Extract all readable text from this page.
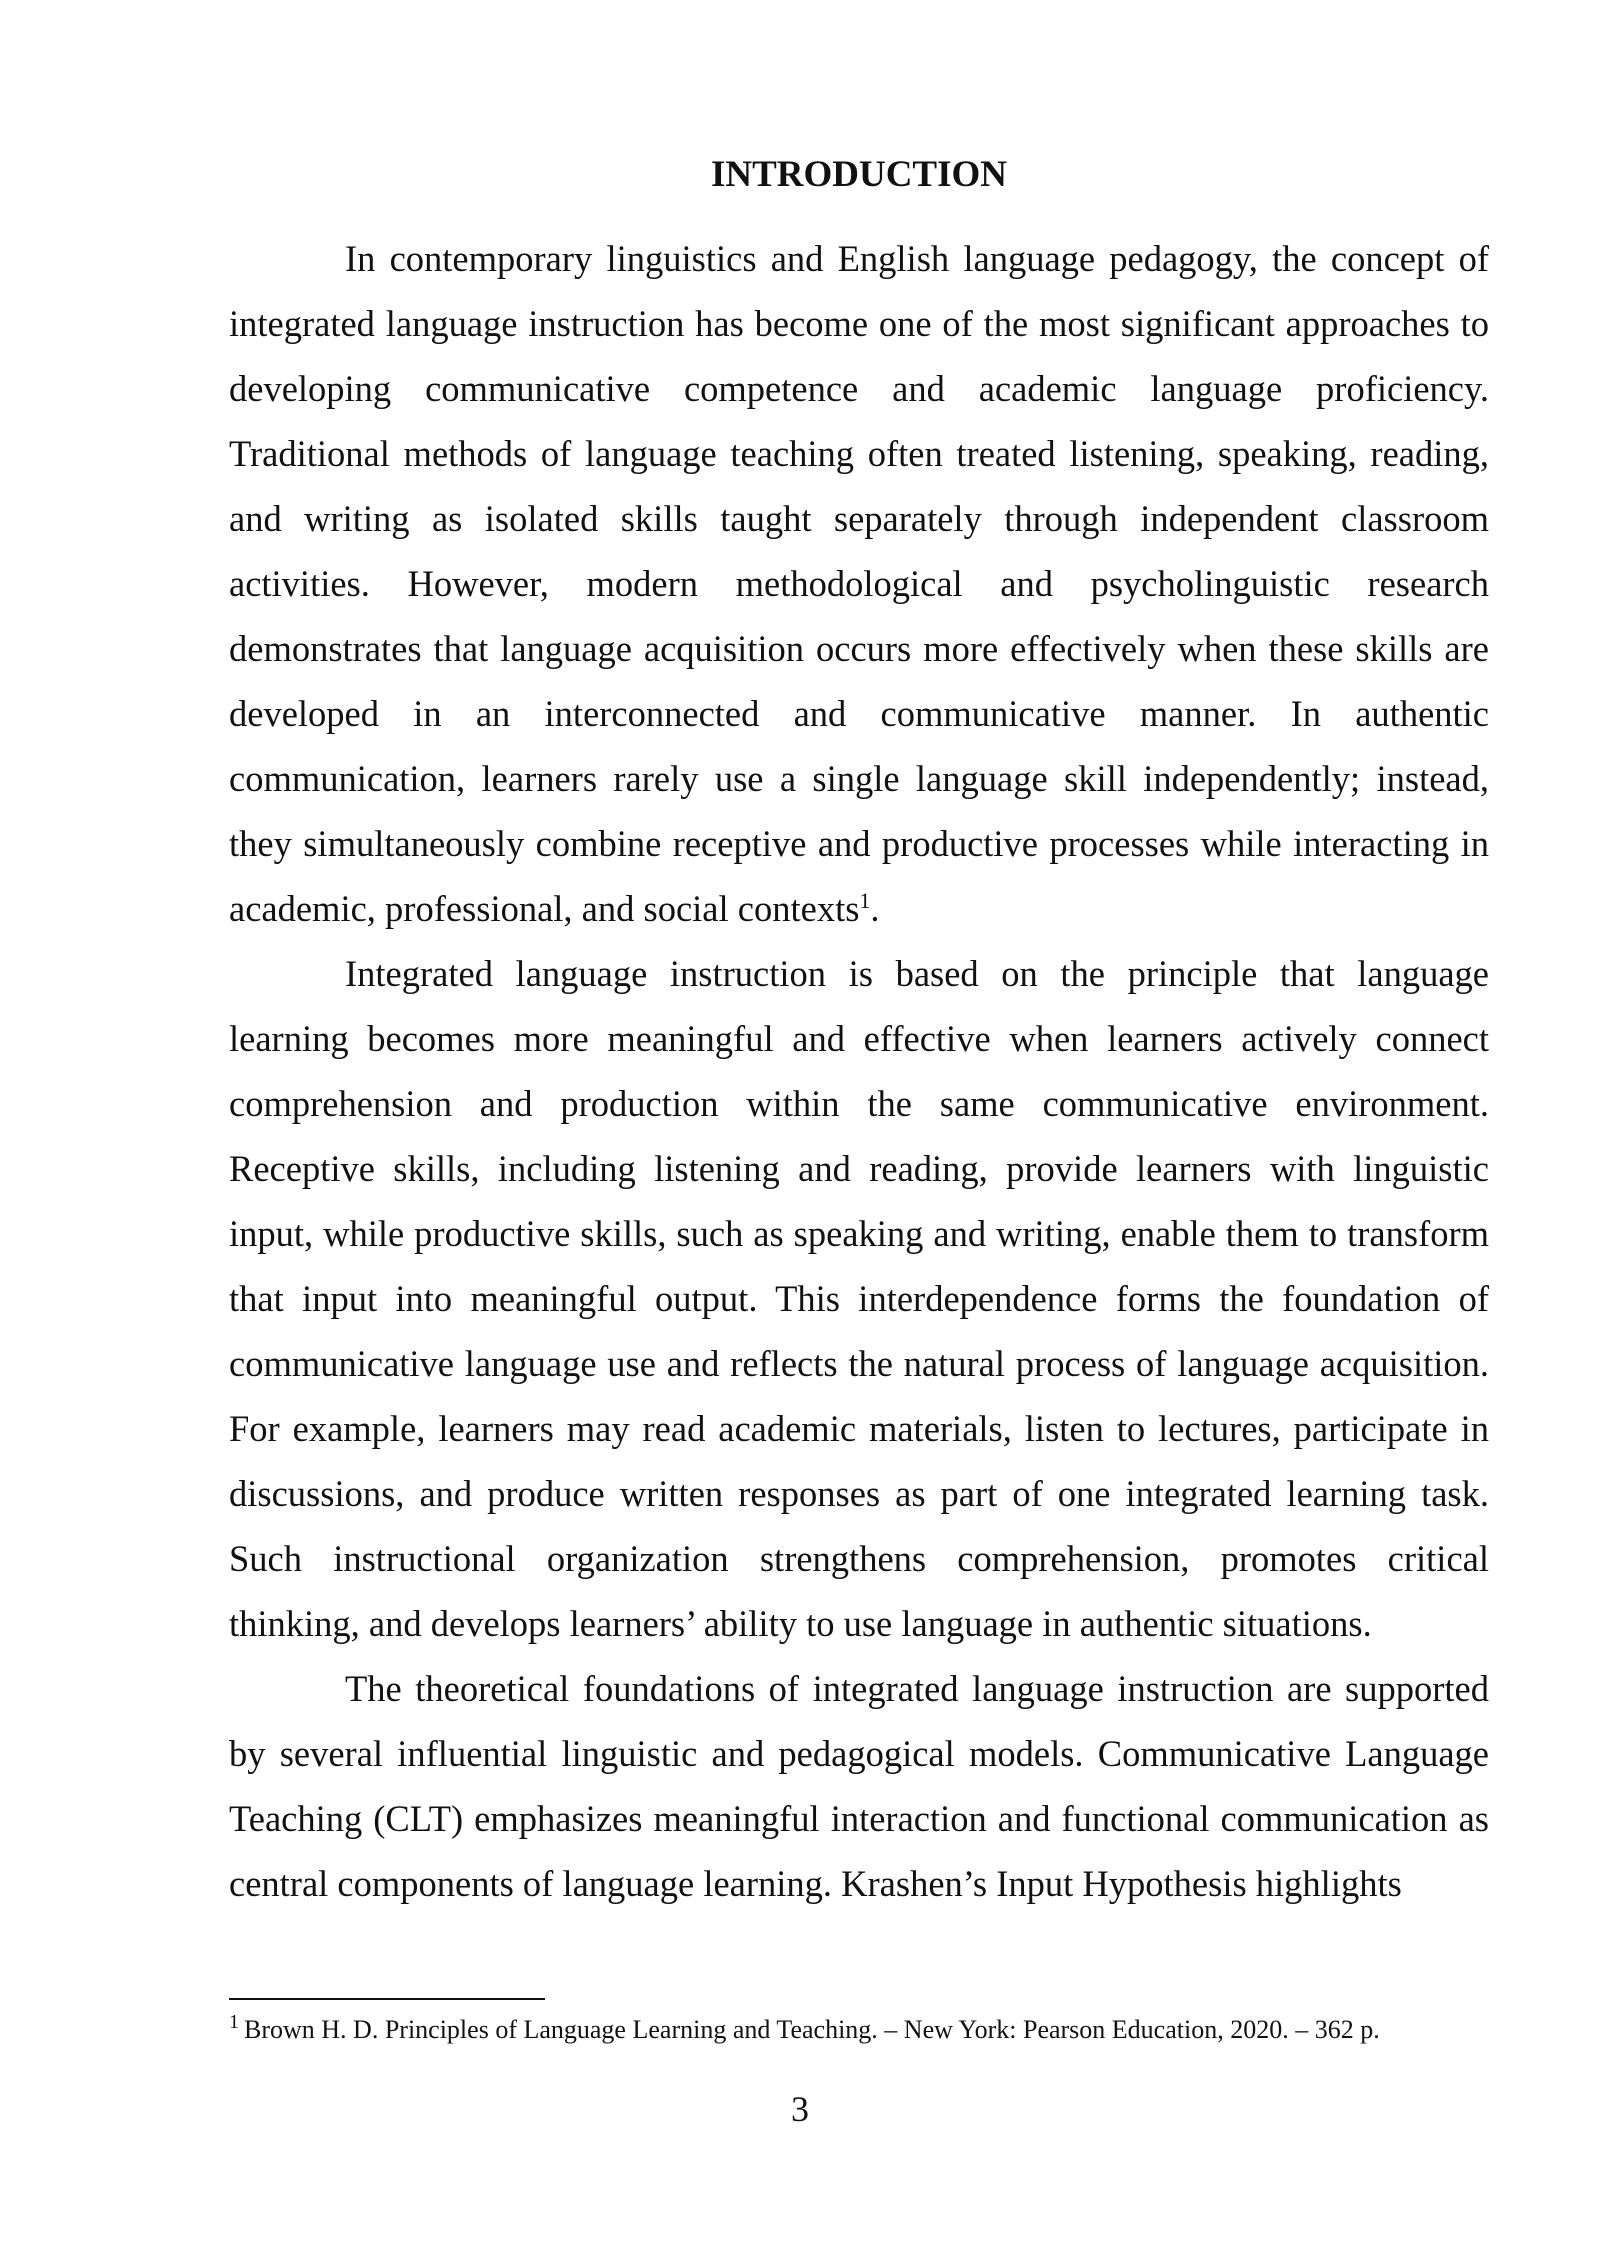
INTRODUCTION

In contemporary linguistics and English language pedagogy, the concept of integrated language instruction has become one of the most significant approaches to developing communicative competence and academic language proficiency. Traditional methods of language teaching often treated listening, speaking, reading, and writing as isolated skills taught separately through independent classroom activities. However, modern methodological and psycholinguistic research demonstrates that language acquisition occurs more effectively when these skills are developed in an interconnected and communicative manner. In authentic communication, learners rarely use a single language skill independently; instead, they simultaneously combine receptive and productive processes while interacting in academic, professional, and social contexts$^1$.

Integrated language instruction is based on the principle that language learning becomes more meaningful and effective when learners actively connect comprehension and production within the same communicative environment. Receptive skills, including listening and reading, provide learners with linguistic input, while productive skills, such as speaking and writing, enable them to transform that input into meaningful output. This interdependence forms the foundation of communicative language use and reflects the natural process of language acquisition. For example, learners may read academic materials, listen to lectures, participate in discussions, and produce written responses as part of one integrated learning task. Such instructional organization strengthens comprehension, promotes critical thinking, and develops learners’ ability to use language in authentic situations.

The theoretical foundations of integrated language instruction are supported by several influential linguistic and pedagogical models. Communicative Language Teaching (CLT) emphasizes meaningful interaction and functional communication as central components of language learning. Krashen’s Input Hypothesis highlights

$^1$ Brown H. D. Principles of Language Learning and Teaching. – New York: Pearson Education, 2020. – 362 p.

3
